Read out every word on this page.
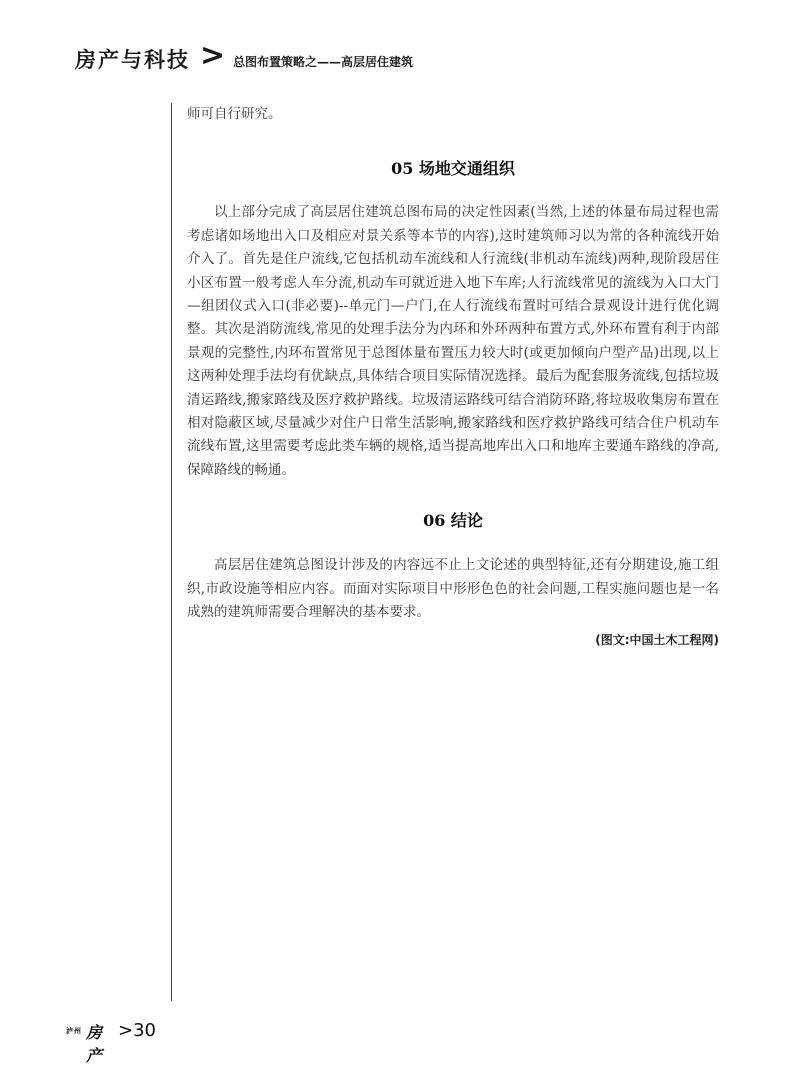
房产与科技 > 总图布置策略之——高层居住建筑

师可自行研究。

05 场地交通组织

以上部分完成了高层居住建筑总图布局的决定性因素(当然,上述的体量布局过程也需考虑诸如场地出入口及相应对景关系等本节的内容),这时建筑师习以为常的各种流线开始介入了。首先是住户流线,它包括机动车流线和人行流线(非机动车流线)两种,现阶段居住小区布置一般考虑人车分流,机动车可就近进入地下车库;人行流线常见的流线为入口大门—组团仪式入口(非必要)--单元门—户门,在人行流线布置时可结合景观设计进行优化调整。其次是消防流线,常见的处理手法分为内环和外环两种布置方式,外环布置有利于内部景观的完整性,内环布置常见于总图体量布置压力较大时(或更加倾向户型产品)出现,以上这两种处理手法均有优缺点,具体结合项目实际情况选择。最后为配套服务流线,包括垃圾清运路线,搬家路线及医疗救护路线。垃圾清运路线可结合消防环路,将垃圾收集房布置在相对隐蔽区域,尽量减少对住户日常生活影响,搬家路线和医疗救护路线可结合住户机动车流线布置,这里需要考虑此类车辆的规格,适当提高地库出入口和地库主要通车路线的净高,保障路线的畅通。

06 结论

高层居住建筑总图设计涉及的内容远不止上文论述的典型特征,还有分期建设,施工组织,市政设施等相应内容。而面对实际项目中形形色色的社会问题,工程实施问题也是一名成熟的建筑师需要合理解决的基本要求。

(图文:中国土木工程网)
泸州 房产
>30
